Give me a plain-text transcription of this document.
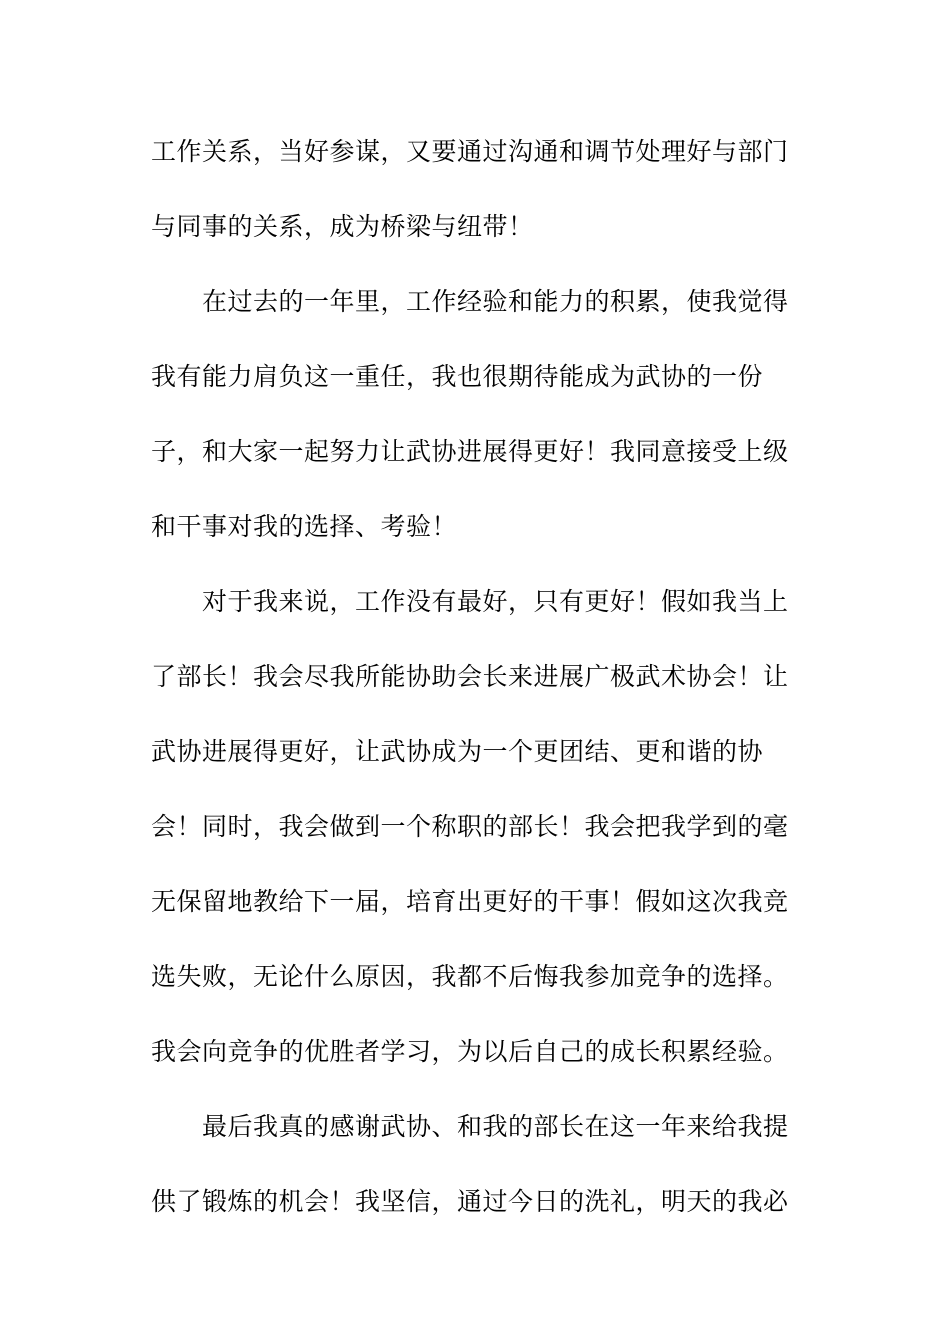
工作关系，当好参谋，又要通过沟通和调节处理好与部门
与同事的关系，成为桥梁与纽带！
在过去的一年里，工作经验和能力的积累，使我觉得
我有能力肩负这一重任，我也很期待能成为武协的一份
子，和大家一起努力让武协进展得更好！我同意接受上级
和干事对我的选择、考验！
对于我来说，工作没有最好，只有更好！假如我当上
了部长！我会尽我所能协助会长来进展广极武术协会！让
武协进展得更好，让武协成为一个更团结、更和谐的协
会！同时，我会做到一个称职的部长！我会把我学到的毫
无保留地教给下一届，培育出更好的干事！假如这次我竞
选失败，无论什么原因，我都不后悔我参加竞争的选择。
我会向竞争的优胜者学习，为以后自己的成长积累经验。
最后我真的感谢武协、和我的部长在这一年来给我提
供了锻炼的机会！我坚信，通过今日的洗礼，明天的我必
